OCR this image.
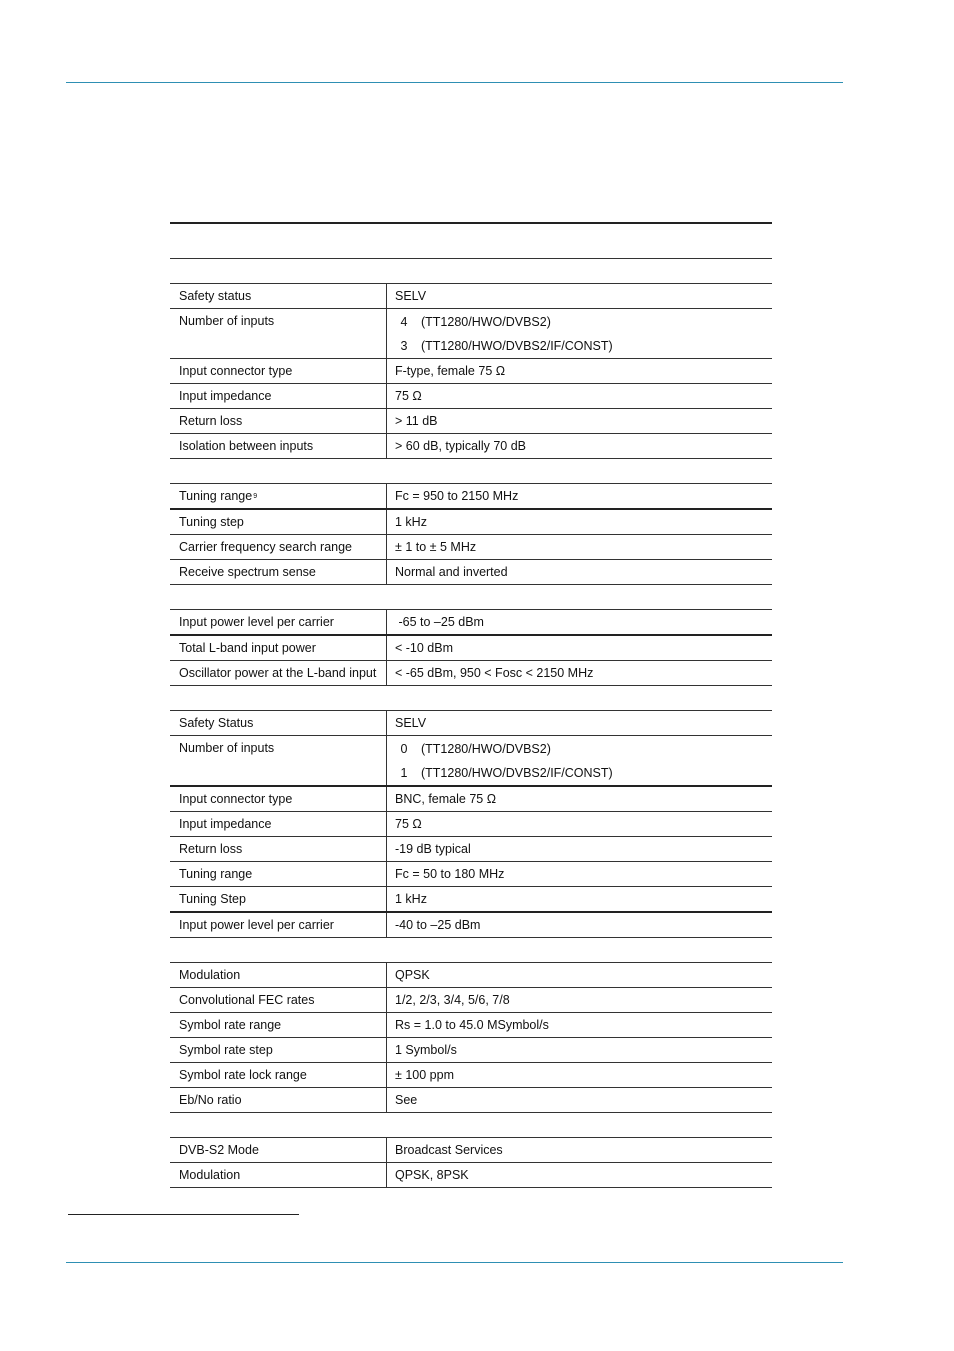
Safety status	SELV
Number of inputs	4	(TT1280/HWO/DVBS2)
3	(TT1280/HWO/DVBS2/IF/CONST)
Input connector type	F-type, female 75 Ω
Input impedance	75 Ω
Return loss	> 11 dB
Isolation between inputs	> 60 dB, typically 70 dB
Tuning range 9	Fc = 950 to 2150 MHz
Tuning step	1 kHz
Carrier frequency search range	± 1 to ± 5 MHz
Receive spectrum sense	Normal and inverted
Input power level per carrier	-65 to –25 dBm
Total L-band input power	< -10 dBm
Oscillator power at the L-band input	< -65 dBm, 950 < Fosc < 2150 MHz
Safety Status	SELV
Number of inputs	0	(TT1280/HWO/DVBS2)
1	(TT1280/HWO/DVBS2/IF/CONST)
Input connector type	BNC, female 75 Ω
Input impedance	75 Ω
Return loss	-19 dB typical
Tuning range	Fc = 50 to 180 MHz
Tuning Step	1 kHz
Input power level per carrier	-40 to –25 dBm
Modulation	QPSK
Convolutional FEC rates	1/2, 2/3, 3/4, 5/6, 7/8
Symbol rate range	Rs = 1.0 to 45.0 MSymbol/s
Symbol rate step	1 Symbol/s
Symbol rate lock range	± 100 ppm
Eb/No ratio	See
DVB-S2 Mode	Broadcast Services
Modulation	QPSK, 8PSK
